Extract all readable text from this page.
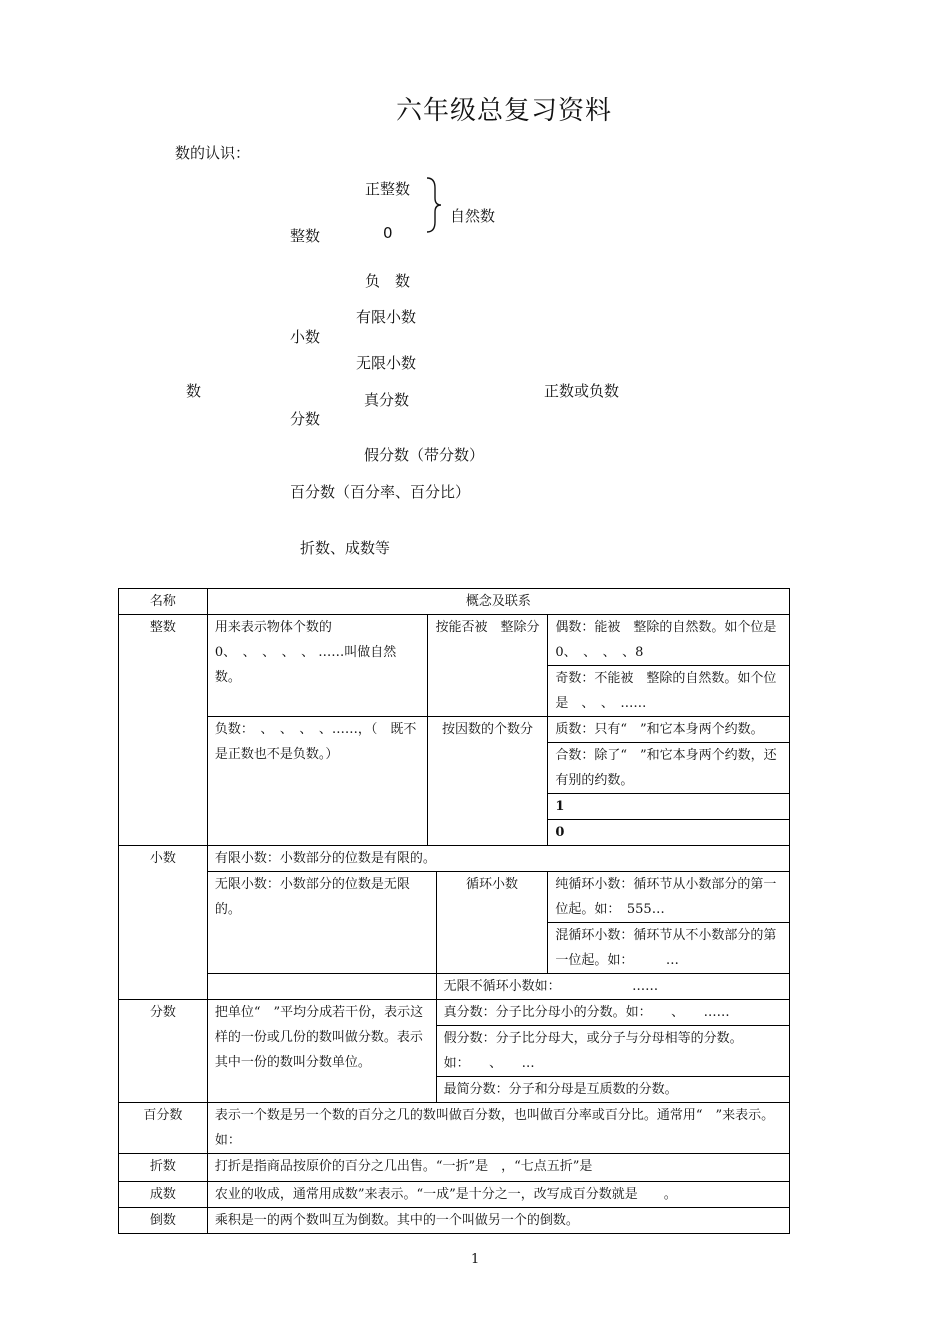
六年级总复习资料
数的认识：
正整数
自然数
整数	0
负　数
有限小数
小数
无限小数
数	正数或负数
真分数
分数
假分数（带分数）
百分数（百分率、百分比）
折数、成数等
名称	概念及联系			
整数	用来表示物体个数的0、　、　、　、　、 ……叫做自然数。	按能否被　整除分		偶数：能被　整除的自然数。如个位是 0、　、　、　、8
				奇数：不能被　整除的自然数。如个位是　、　、　……
	负数：　、　、　、　、……，（　既不是正数也不是负数。）	按因数的个数分		质数：只有“　”和它本身两个约数。
				合数：除了“　”和它本身两个约数，还有别的约数。
				1
				0
小数	有限小数：小数部分的位数是有限的。			
	无限小数：小数部分的位数是无限的。		循环小数	纯循环小数：循环节从小数部分的第一位起。如：　555…
				混循环小数：循环节从不小数部分的第一位起。如：　　　…
			无限不循环小数如：　　　　　　……	
分数	把单位“　”平均分成若干份，表示这样的一份或几份的数叫做分数。表示其中一份的数叫分数单位。		真分数：分子比分母小的分数。如：　　、　　……	
			假分数：分子比分母大，或分子与分母相等的分数。如：　　、　　…	
			最简分数：分子和分母是互质数的分数。	
百分数	表示一个数是另一个数的百分之几的数叫做百分数，也叫做百分率或百分比。通常用“　”来表示。如：			
折数	打折是指商品按原价的百分之几出售。“一折”是　，“七点五折”是			
成数	农业的收成，通常用成数”来表示。“一成”是十分之一，改写成百分数就是　　。			
倒数	乘积是一的两个数叫互为倒数。其中的一个叫做另一个的倒数。			
1
